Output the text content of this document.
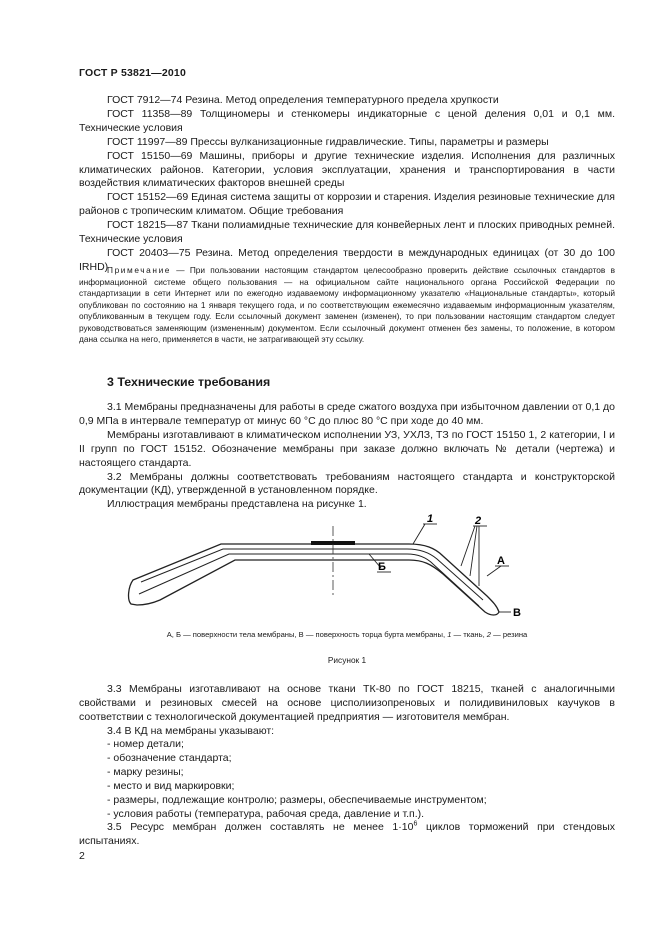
ГОСТ Р 53821—2010

ГОСТ 7912—74 Резина. Метод определения температурного предела хрупкости

ГОСТ 11358—89 Толщиномеры и стенкомеры индикаторные с ценой деления 0,01 и 0,1 мм. Технические условия

ГОСТ 11997—89 Прессы вулканизационные гидравлические. Типы, параметры и размеры

ГОСТ 15150—69 Машины, приборы и другие технические изделия. Исполнения для различных климатических районов. Категории, условия эксплуатации, хранения и транспортирования в части воздействия климатических факторов внешней среды

ГОСТ 15152—69 Единая система защиты от коррозии и старения. Изделия резиновые технические для районов с тропическим климатом. Общие требования

ГОСТ 18215—87 Ткани полиамидные технические для конвейерных лент и плоских приводных ремней. Технические условия

ГОСТ 20403—75 Резина. Метод определения твердости в международных единицах (от 30 до 100 IRHD)

Примечание — При пользовании настоящим стандартом целесообразно проверить действие ссылочных стандартов в информационной системе общего пользования — на официальном сайте национального органа Российской Федерации по стандартизации в сети Интернет или по ежегодно издаваемому информационному указателю «Национальные стандарты», который опубликован по состоянию на 1 января текущего года, и по соответствующим ежемесячно издаваемым информационным указателям, опубликованным в текущем году. Если ссылочный документ заменен (изменен), то при пользовании настоящим стандартом следует руководствоваться заменяющим (измененным) документом. Если ссылочный документ отменен без замены, то положение, в котором дана ссылка на него, применяется в части, не затрагивающей эту ссылку.

3 Технические требования

3.1 Мембраны предназначены для работы в среде сжатого воздуха при избыточном давлении от 0,1 до 0,9 МПа в интервале температур от минус 60 °С до плюс 80 °С при ходе до 40 мм.

Мембраны изготавливают в климатическом исполнении УЗ, УХЛЗ, ТЗ по ГОСТ 15150 1, 2 категории, I и II групп по ГОСТ 15152. Обозначение мембраны при заказе должно включать № детали (чертежа) и настоящего стандарта.

3.2 Мембраны должны соответствовать требованиям настоящего стандарта и конструкторской документации (КД), утвержденной в установленном порядке.

Иллюстрация мембраны представлена на рисунке 1.

1	2
А
Б
В
А, Б — поверхности тела мембраны, В — поверхность торца бурта мембраны, 1 — ткань, 2 — резина
Рисунок 1

3.3 Мембраны изготавливают на основе ткани ТК-80 по ГОСТ 18215, тканей с аналогичными свойствами и резиновых смесей на основе цисполиизопреновых и полидивиниловых каучуков в соответствии с технологической документацией предприятия — изготовителя мембран.

3.4 В КД на мембраны указывают:

- номер детали;

- обозначение стандарта;

- марку резины;

- место и вид маркировки;

- размеры, подлежащие контролю; размеры, обеспечиваемые инструментом;

- условия работы (температура, рабочая среда, давление и т.п.).

3.5 Ресурс мембран должен составлять не менее $1\cdot 10^6$ циклов торможений при стендовых испытаниях.

2
